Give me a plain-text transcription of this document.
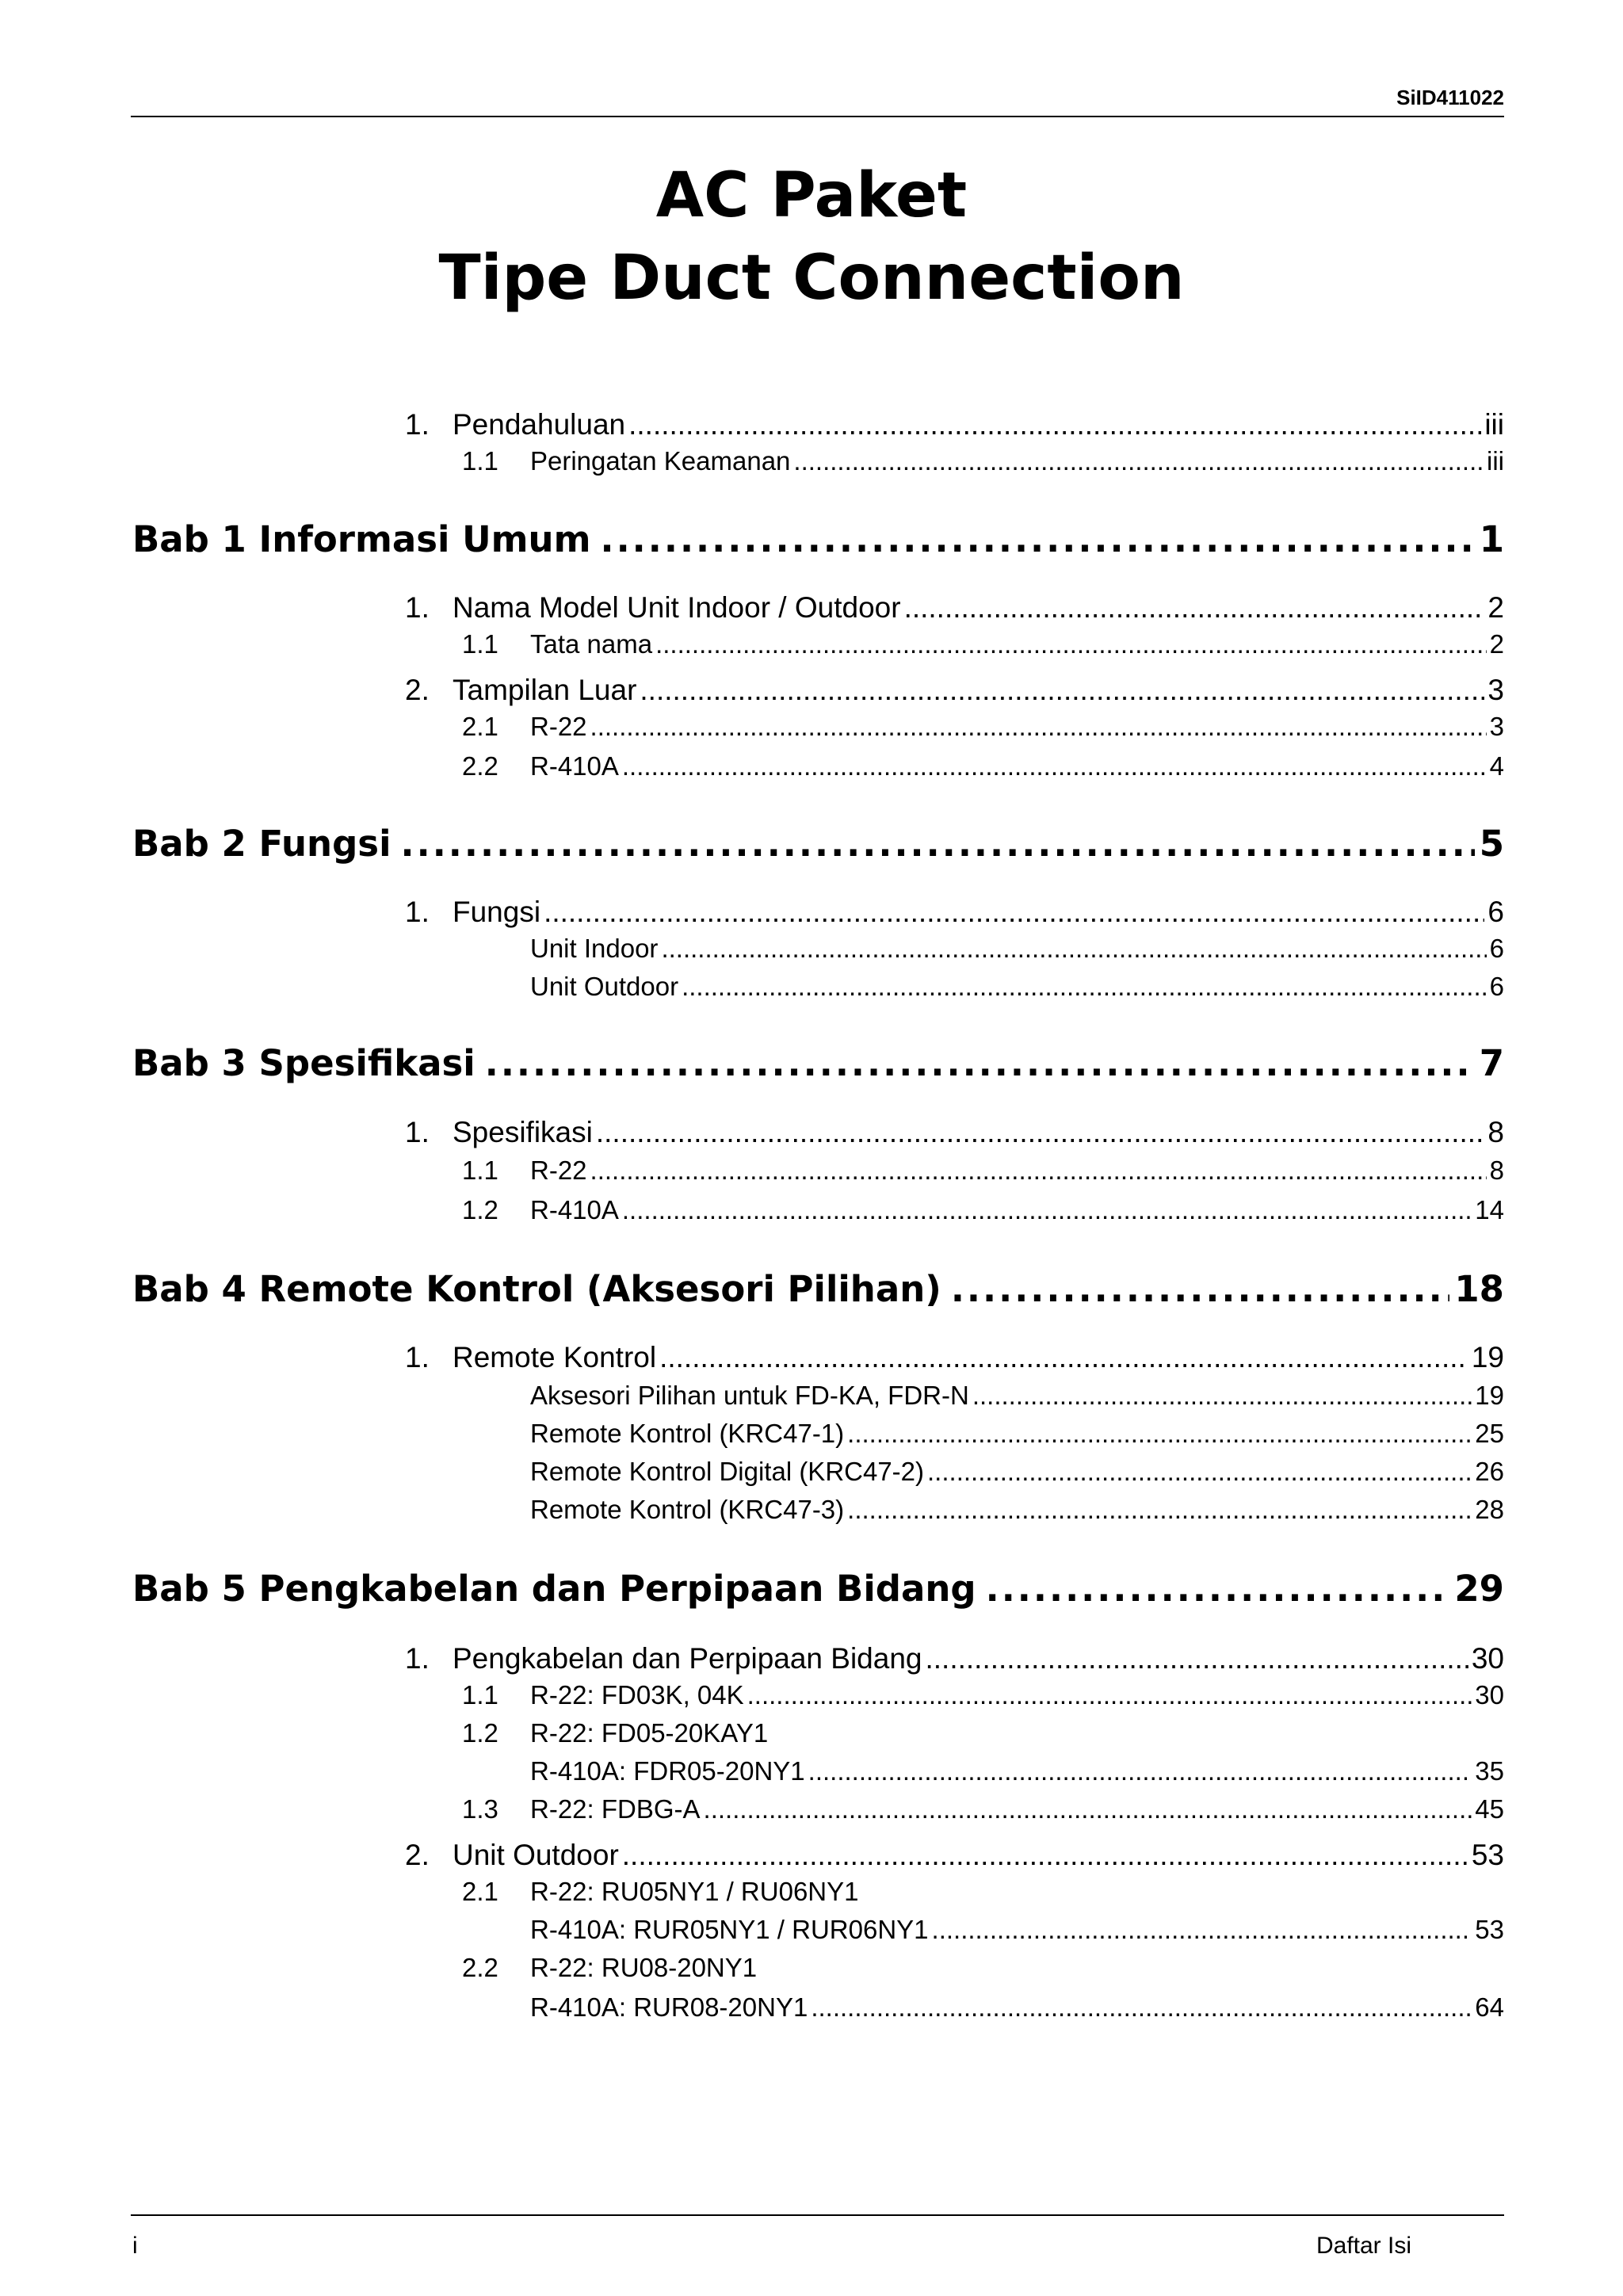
SiID411022
AC Paket
Tipe Duct Connection
1. Pendahuluan .....	iii
1.1	Peringatan Keamanan .....	iii
Bab 1 Informasi Umum .....	1
1. Nama Model Unit Indoor / Outdoor .....	2
1.1	Tata nama .....	2
2. Tampilan Luar .....	3
2.1	R-22 .....	3
2.2	R-410A .....	4
Bab 2 Fungsi .....	5
1. Fungsi .....	6
Unit Indoor .....	6
Unit Outdoor .....	6
Bab 3 Spesifikasi .....	7
1. Spesifikasi .....	8
1.1	R-22 .....	8
1.2	R-410A .....	14
Bab 4 Remote Kontrol (Aksesori Pilihan) .....	18
1. Remote Kontrol .....	19
Aksesori Pilihan untuk FD-KA, FDR-N .....	19
Remote Kontrol (KRC47-1) .....	25
Remote Kontrol Digital (KRC47-2) .....	26
Remote Kontrol (KRC47-3) .....	28
Bab 5 Pengkabelan dan Perpipaan Bidang .....	29
1. Pengkabelan dan Perpipaan Bidang .....	30
1.1	R-22: FD03K, 04K .....	30
1.2	R-22: FD05-20KAY1
R-410A: FDR05-20NY1 .....	35
1.3	R-22: FDBG-A .....	45
2. Unit Outdoor .....	53
2.1	R-22: RU05NY1 / RU06NY1
R-410A: RUR05NY1 / RUR06NY1 .....	53
2.2	R-22: RU08-20NY1
R-410A: RUR08-20NY1 .....	64
i	Daftar Isi
